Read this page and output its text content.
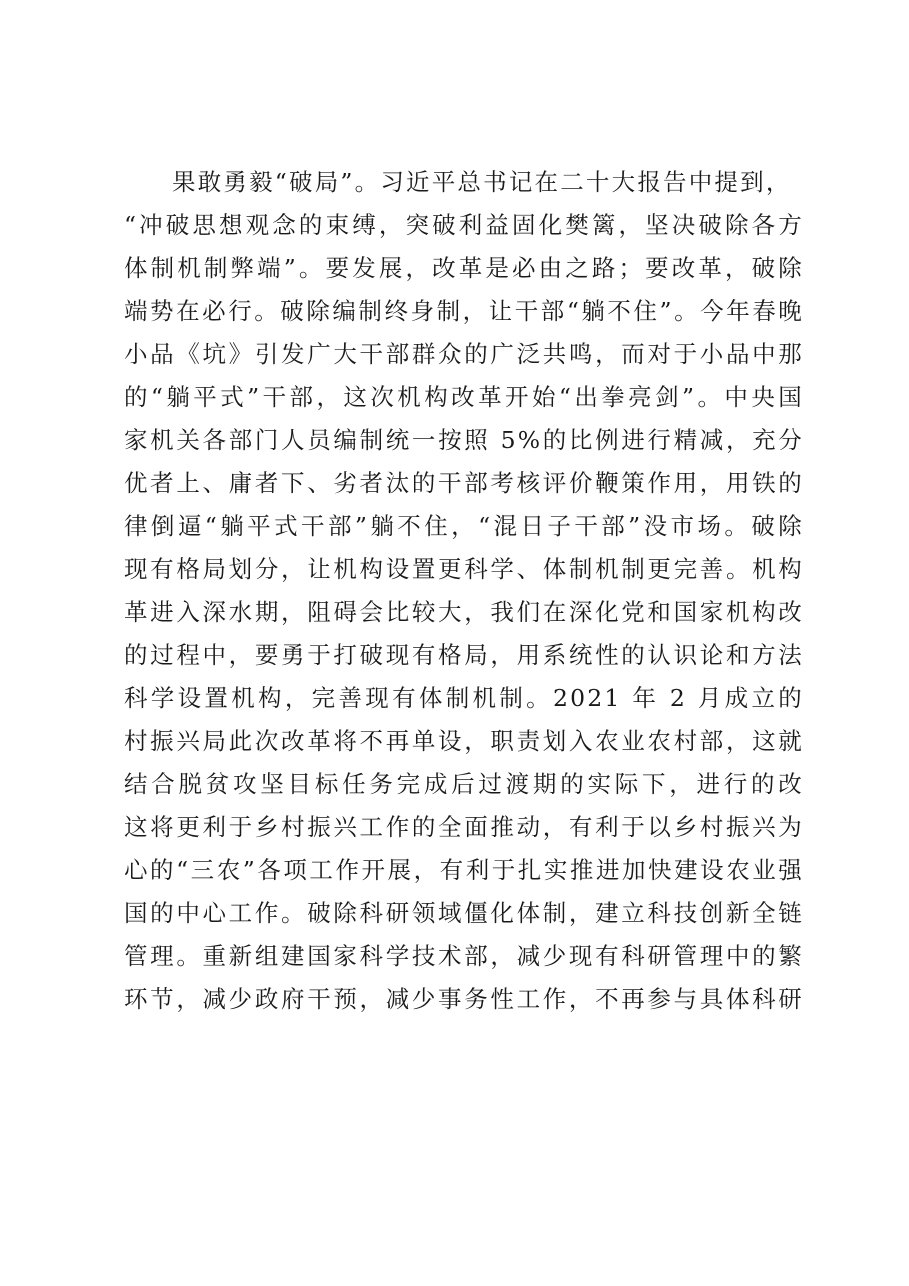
果敢勇毅“破局”。习近平总书记在二十大报告中提到，
“冲破思想观念的束缚，突破利益固化樊篱，坚决破除各方
体制机制弊端”。要发展，改革是必由之路；要改革，破除
端势在必行。破除编制终身制，让干部“躺不住”。今年春晚
小品《坑》引发广大干部群众的广泛共鸣，而对于小品中那
的“躺平式”干部，这次机构改革开始“出拳亮剑”。中央国
家机关各部门人员编制统一按照 5%的比例进行精减，充分
优者上、庸者下、劣者汰的干部考核评价鞭策作用，用铁的
律倒逼“躺平式干部”躺不住，“混日子干部”没市场。破除
现有格局划分，让机构设置更科学、体制机制更完善。机构
革进入深水期，阻碍会比较大，我们在深化党和国家机构改
的过程中，要勇于打破现有格局，用系统性的认识论和方法
科学设置机构，完善现有体制机制。2021 年 2 月成立的
村振兴局此次改革将不再单设，职责划入农业农村部，这就
结合脱贫攻坚目标任务完成后过渡期的实际下，进行的改
这将更利于乡村振兴工作的全面推动，有利于以乡村振兴为
心的“三农”各项工作开展，有利于扎实推进加快建设农业强
国的中心工作。破除科研领域僵化体制，建立科技创新全链
管理。重新组建国家科学技术部，减少现有科研管理中的繁
环节，减少政府干预，减少事务性工作，不再参与具体科研
